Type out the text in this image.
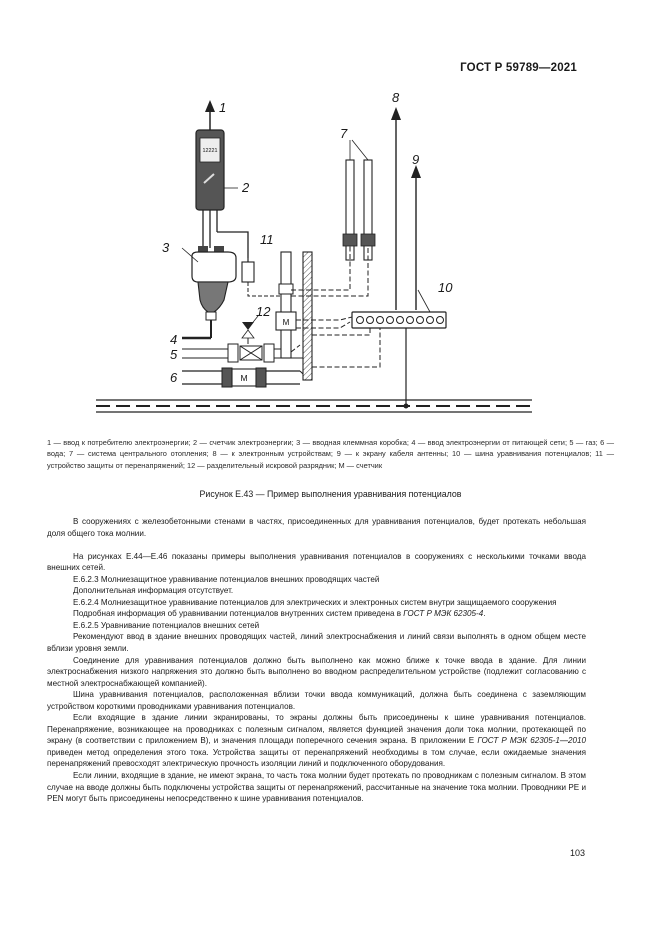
ГОСТ Р 59789—2021
12221
M
M
1
2
3
4
5
6
7
8
9
10
11
12
1 — ввод к потребителю электроэнергии; 2 — счетчик электроэнергии; 3 — вводная клеммная коробка; 4 — ввод электроэнергии от питающей сети; 5 — газ; 6 — вода; 7 — система центрального отопления; 8 — к электронным устройствам; 9 — к экрану кабеля антенны; 10 — шина уравнивания потенциалов; 11 — устройство защиты от перенапряжений; 12 — разделительный искровой разрядник; M — счетчик
Рисунок Е.43 — Пример выполнения уравнивания потенциалов

В сооружениях с железобетонными стенами в частях, присоединенных для уравнивания потенциалов, будет протекать небольшая доля общего тока молнии.

На рисунках Е.44—Е.46 показаны примеры выполнения уравнивания потенциалов в сооружениях с несколькими точками ввода внешних сетей.

Е.6.2.3 Молниезащитное уравнивание потенциалов внешних проводящих частей

Дополнительная информация отсутствует.

Е.6.2.4 Молниезащитное уравнивание потенциалов для электрических и электронных систем внутри защищаемого сооружения

Подробная информация об уравнивании потенциалов внутренних систем приведена в ГОСТ Р МЭК 62305-4.

Е.6.2.5 Уравнивание потенциалов внешних сетей

Рекомендуют ввод в здание внешних проводящих частей, линий электроснабжения и линий связи выполнять в одном общем месте вблизи уровня земли.

Соединение для уравнивания потенциалов должно быть выполнено как можно ближе к точке ввода в здание. Для линии электроснабжения низкого напряжения это должно быть выполнено во вводном распределительном устройстве (подлежит согласованию с местной электроснабжающей компанией).

Шина уравнивания потенциалов, расположенная вблизи точки ввода коммуникаций, должна быть соединена с заземляющим устройством короткими проводниками уравнивания потенциалов.

Если входящие в здание линии экранированы, то экраны должны быть присоединены к шине уравнивания потенциалов. Перенапряжение, возникающее на проводниках с полезным сигналом, является функцией значения доли тока молнии, протекающей по экрану (в соответствии с приложением В), и значения площади поперечного сечения экрана. В приложении Е ГОСТ Р МЭК 62305-1—2010 приведен метод определения этого тока. Устройства защиты от перенапряжений необходимы в том случае, если ожидаемые значения перенапряжений превосходят электрическую прочность изоляции линий и подключенного оборудования.

Если линии, входящие в здание, не имеют экрана, то часть тока молнии будет протекать по проводникам с полезным сигналом. В этом случае на вводе должны быть подключены устройства защиты от перенапряжений, рассчитанные на значение тока молнии. Проводники PE и PEN могут быть присоединены непосредственно к шине уравнивания потенциалов.

103
